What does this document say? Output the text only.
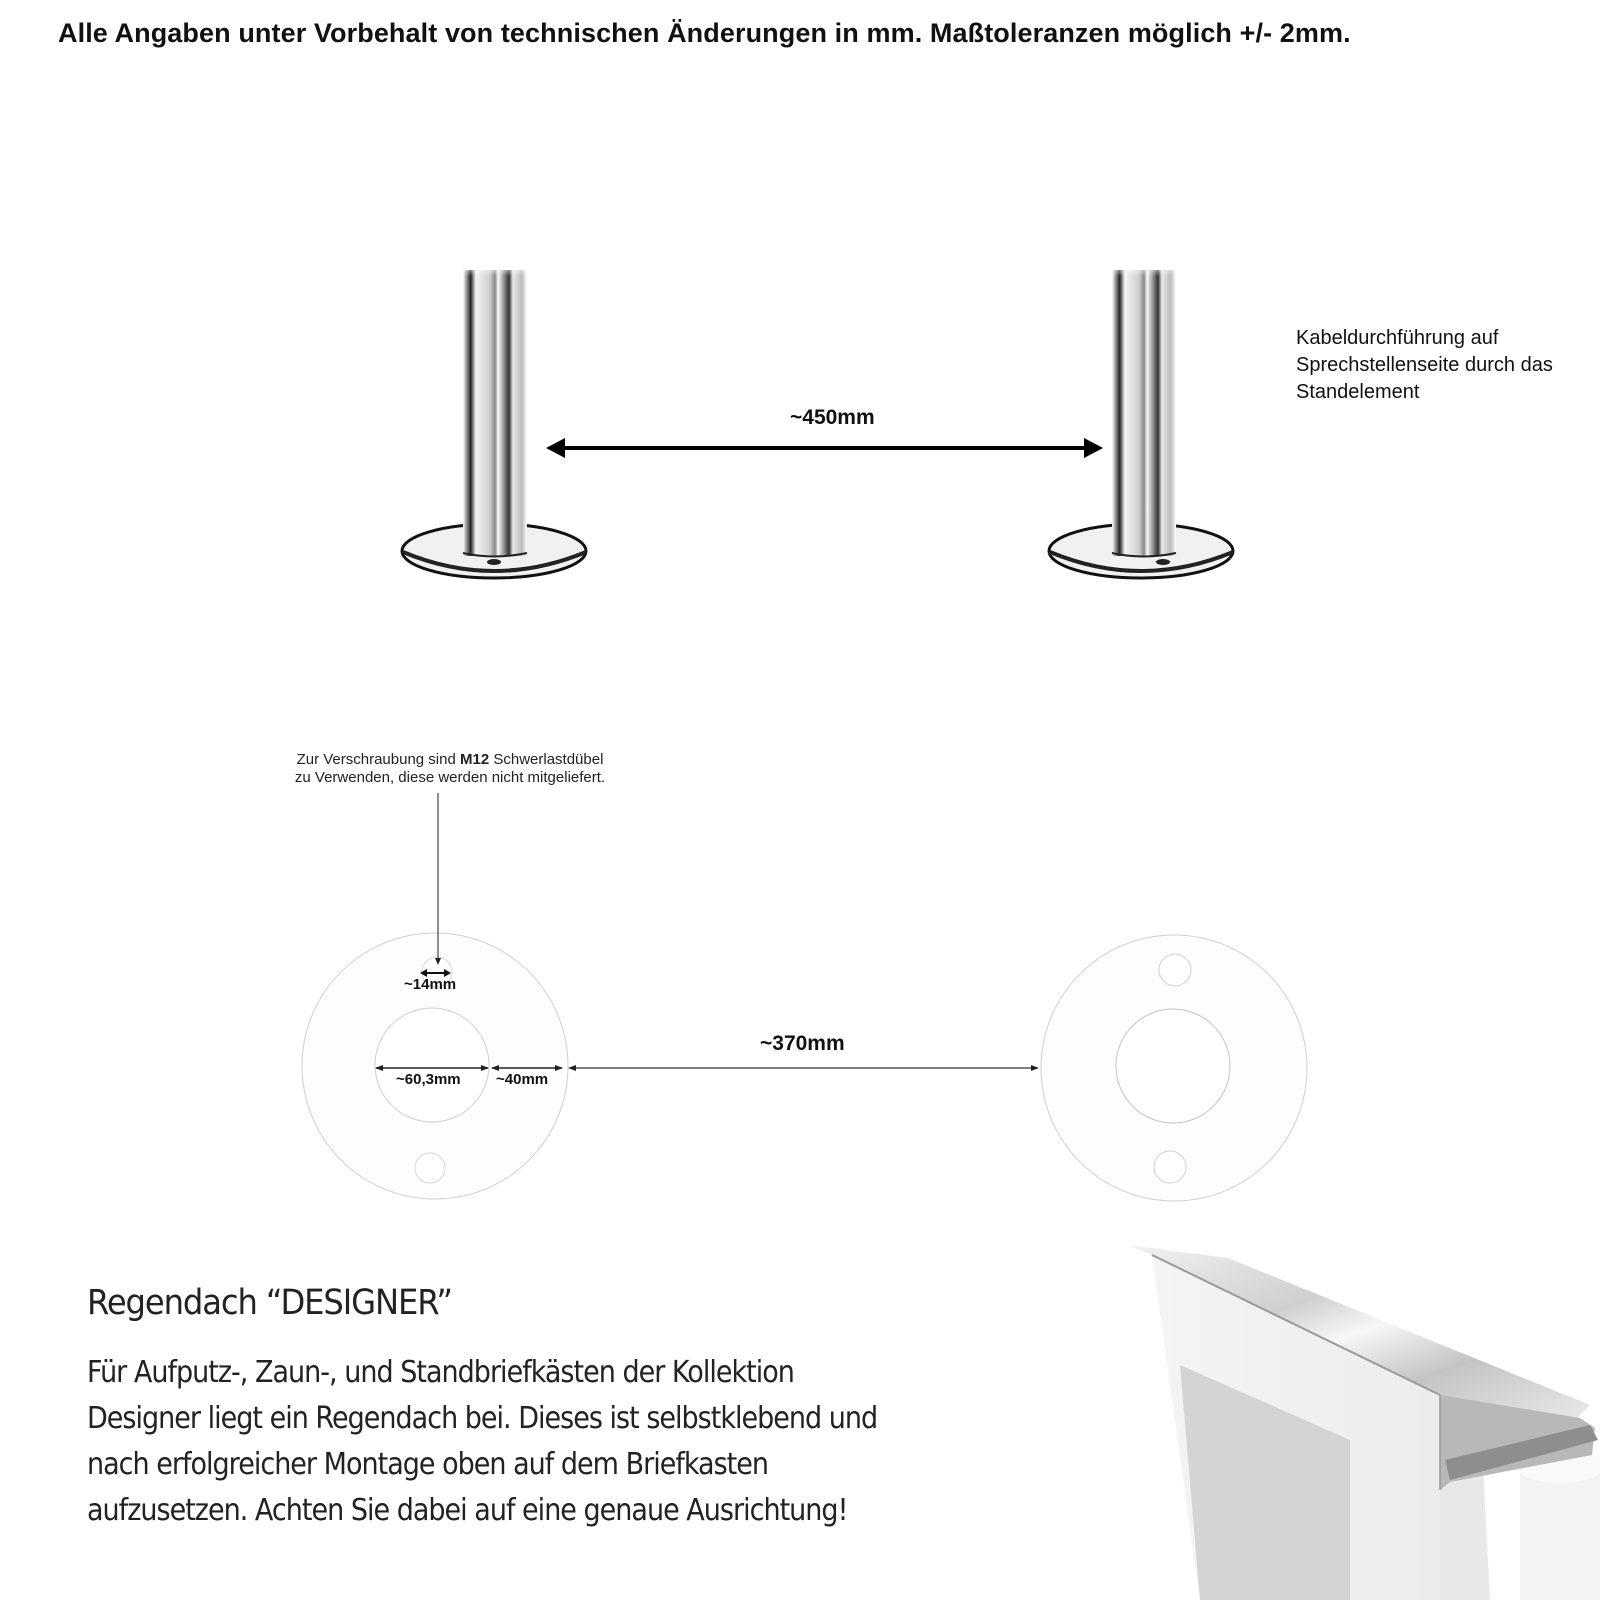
Alle Angaben unter Vorbehalt von technischen Änderungen in mm. Maßtoleranzen möglich +/- 2mm.
~450mm
Kabeldurchführung auf
Sprechstellenseite durch das
Standelement
Zur Verschraubung sind M12 Schwerlastdübel
zu Verwenden, diese werden nicht mitgeliefert.
~14mm
~60,3mm ~40mm
~370mm
Regendach “DESIGNER”
Für Aufputz-, Zaun-, und Standbriefkästen der Kollektion
Designer liegt ein Regendach bei. Dieses ist selbstklebend und
nach erfolgreicher Montage oben auf dem Briefkasten
aufzusetzen. Achten Sie dabei auf eine genaue Ausrichtung!
